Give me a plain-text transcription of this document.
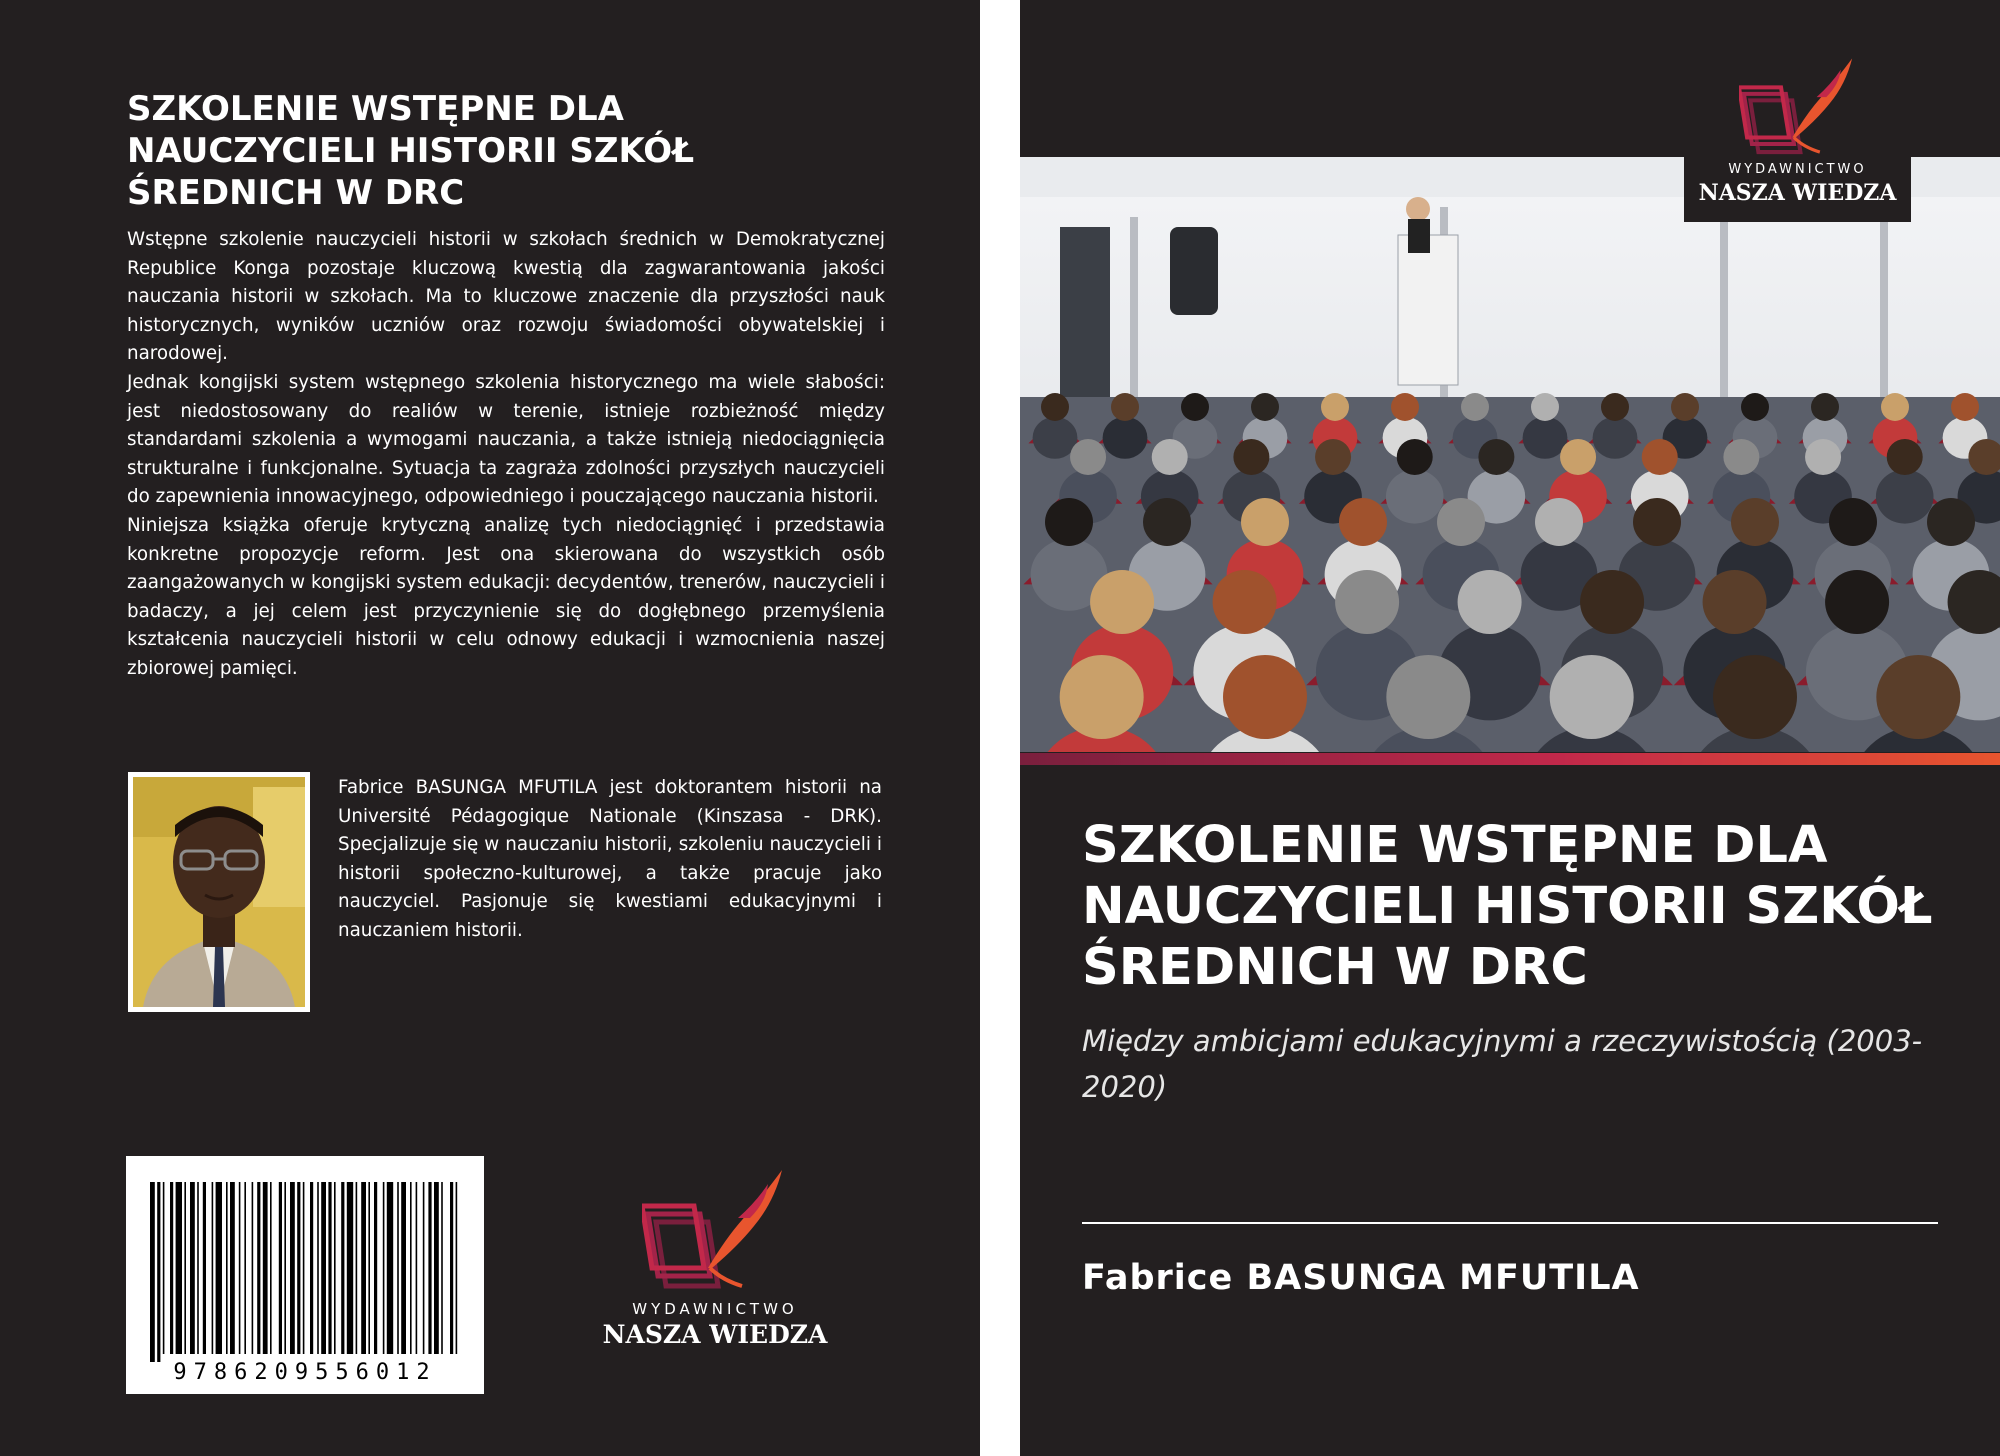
SZKOLENIE WSTĘPNE DLA NAUCZYCIELI HISTORII SZKÓŁ ŚREDNICH W DRC

Wstępne szkolenie nauczycieli historii w szkołach średnich w Demokratycznej Republice Konga pozostaje kluczową kwestią dla zagwarantowania jakości nauczania historii w szkołach. Ma to kluczowe znaczenie dla przyszłości nauk historycznych, wyników uczniów oraz rozwoju świadomości obywatelskiej i narodowej.

Jednak kongijski system wstępnego szkolenia historycznego ma wiele słabości: jest niedostosowany do realiów w terenie, istnieje rozbieżność między standardami szkolenia a wymogami nauczania, a także istnieją niedociągnięcia strukturalne i funkcjonalne. Sytuacja ta zagraża zdolności przyszłych nauczycieli do zapewnienia innowacyjnego, odpowiedniego i pouczającego nauczania historii.

Niniejsza książka oferuje krytyczną analizę tych niedociągnięć i przedstawia konkretne propozycje reform. Jest ona skierowana do wszystkich osób zaangażowanych w kongijski system edukacji: decydentów, trenerów, nauczycieli i badaczy, a jej celem jest przyczynienie się do dogłębnego przemyślenia kształcenia nauczycieli historii w celu odnowy edukacji i wzmocnienia naszej zbiorowej pamięci.

Fabrice BASUNGA MFUTILA jest doktorantem historii na Université Pédagogique Nationale (Kinszasa - DRK). Specjalizuje się w nauczaniu historii, szkoleniu nauczycieli i historii społeczno-kulturowej, a także pracuje jako nauczyciel. Pasjonuje się kwestiami edukacyjnymi i nauczaniem historii.

9786209556012
WYDAWNICTWO
NASZA WIEDZA
WYDAWNICTWO
NASZA WIEDZA
SZKOLENIE WSTĘPNE DLA NAUCZYCIELI HISTORII SZKÓŁ ŚREDNICH W DRC

Między ambicjami edukacyjnymi a rzeczywistością (2003-2020)

Fabrice BASUNGA MFUTILA
